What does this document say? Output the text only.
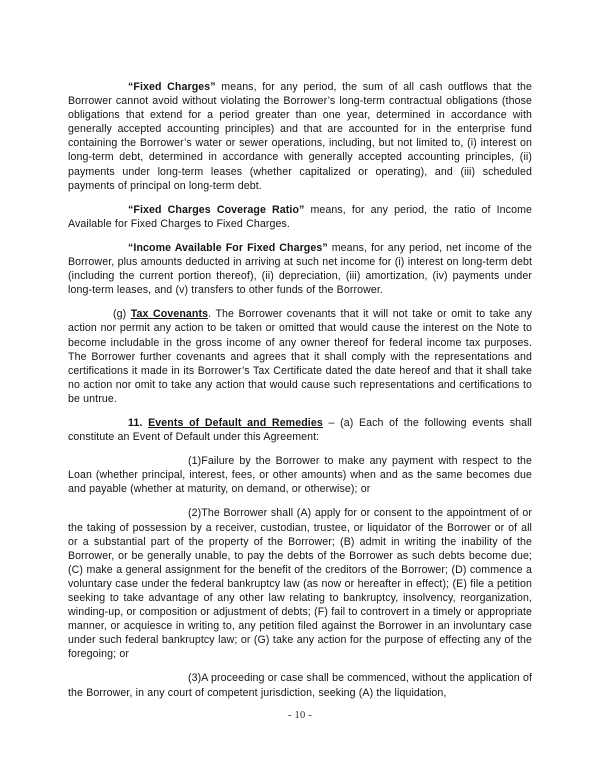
“Fixed Charges” means, for any period, the sum of all cash outflows that the Borrower cannot avoid without violating the Borrower’s long-term contractual obligations (those obligations that extend for a period greater than one year, determined in accordance with generally accepted accounting principles) and that are accounted for in the enterprise fund containing the Borrower’s water or sewer operations, including, but not limited to, (i) interest on long-term debt, determined in accordance with generally accepted accounting principles, (ii) payments under long-term leases (whether capitalized or operating), and (iii) scheduled payments of principal on long-term debt.

“Fixed Charges Coverage Ratio” means, for any period, the ratio of Income Available for Fixed Charges to Fixed Charges.

“Income Available For Fixed Charges” means, for any period, net income of the Borrower, plus amounts deducted in arriving at such net income for (i) interest on long-term debt (including the current portion thereof), (ii) depreciation, (iii) amortization, (iv) payments under long-term leases, and (v) transfers to other funds of the Borrower.

(g) Tax Covenants. The Borrower covenants that it will not take or omit to take any action nor permit any action to be taken or omitted that would cause the interest on the Note to become includable in the gross income of any owner thereof for federal income tax purposes. The Borrower further covenants and agrees that it shall comply with the representations and certifications it made in its Borrower’s Tax Certificate dated the date hereof and that it shall take no action nor omit to take any action that would cause such representations and certifications to be untrue.

11. Events of Default and Remedies – (a) Each of the following events shall constitute an Event of Default under this Agreement:

(1)Failure by the Borrower to make any payment with respect to the Loan (whether principal, interest, fees, or other amounts) when and as the same becomes due and payable (whether at maturity, on demand, or otherwise); or

(2)The Borrower shall (A) apply for or consent to the appointment of or the taking of possession by a receiver, custodian, trustee, or liquidator of the Borrower or of all or a substantial part of the property of the Borrower; (B) admit in writing the inability of the Borrower, or be generally unable, to pay the debts of the Borrower as such debts become due; (C) make a general assignment for the benefit of the creditors of the Borrower; (D) commence a voluntary case under the federal bankruptcy law (as now or hereafter in effect); (E) file a petition seeking to take advantage of any other law relating to bankruptcy, insolvency, reorganization, winding-up, or composition or adjustment of debts; (F) fail to controvert in a timely or appropriate manner, or acquiesce in writing to, any petition filed against the Borrower in an involuntary case under such federal bankruptcy law; or (G) take any action for the purpose of effecting any of the foregoing; or

(3)A proceeding or case shall be commenced, without the application of the Borrower, in any court of competent jurisdiction, seeking (A) the liquidation,

- 10 -
